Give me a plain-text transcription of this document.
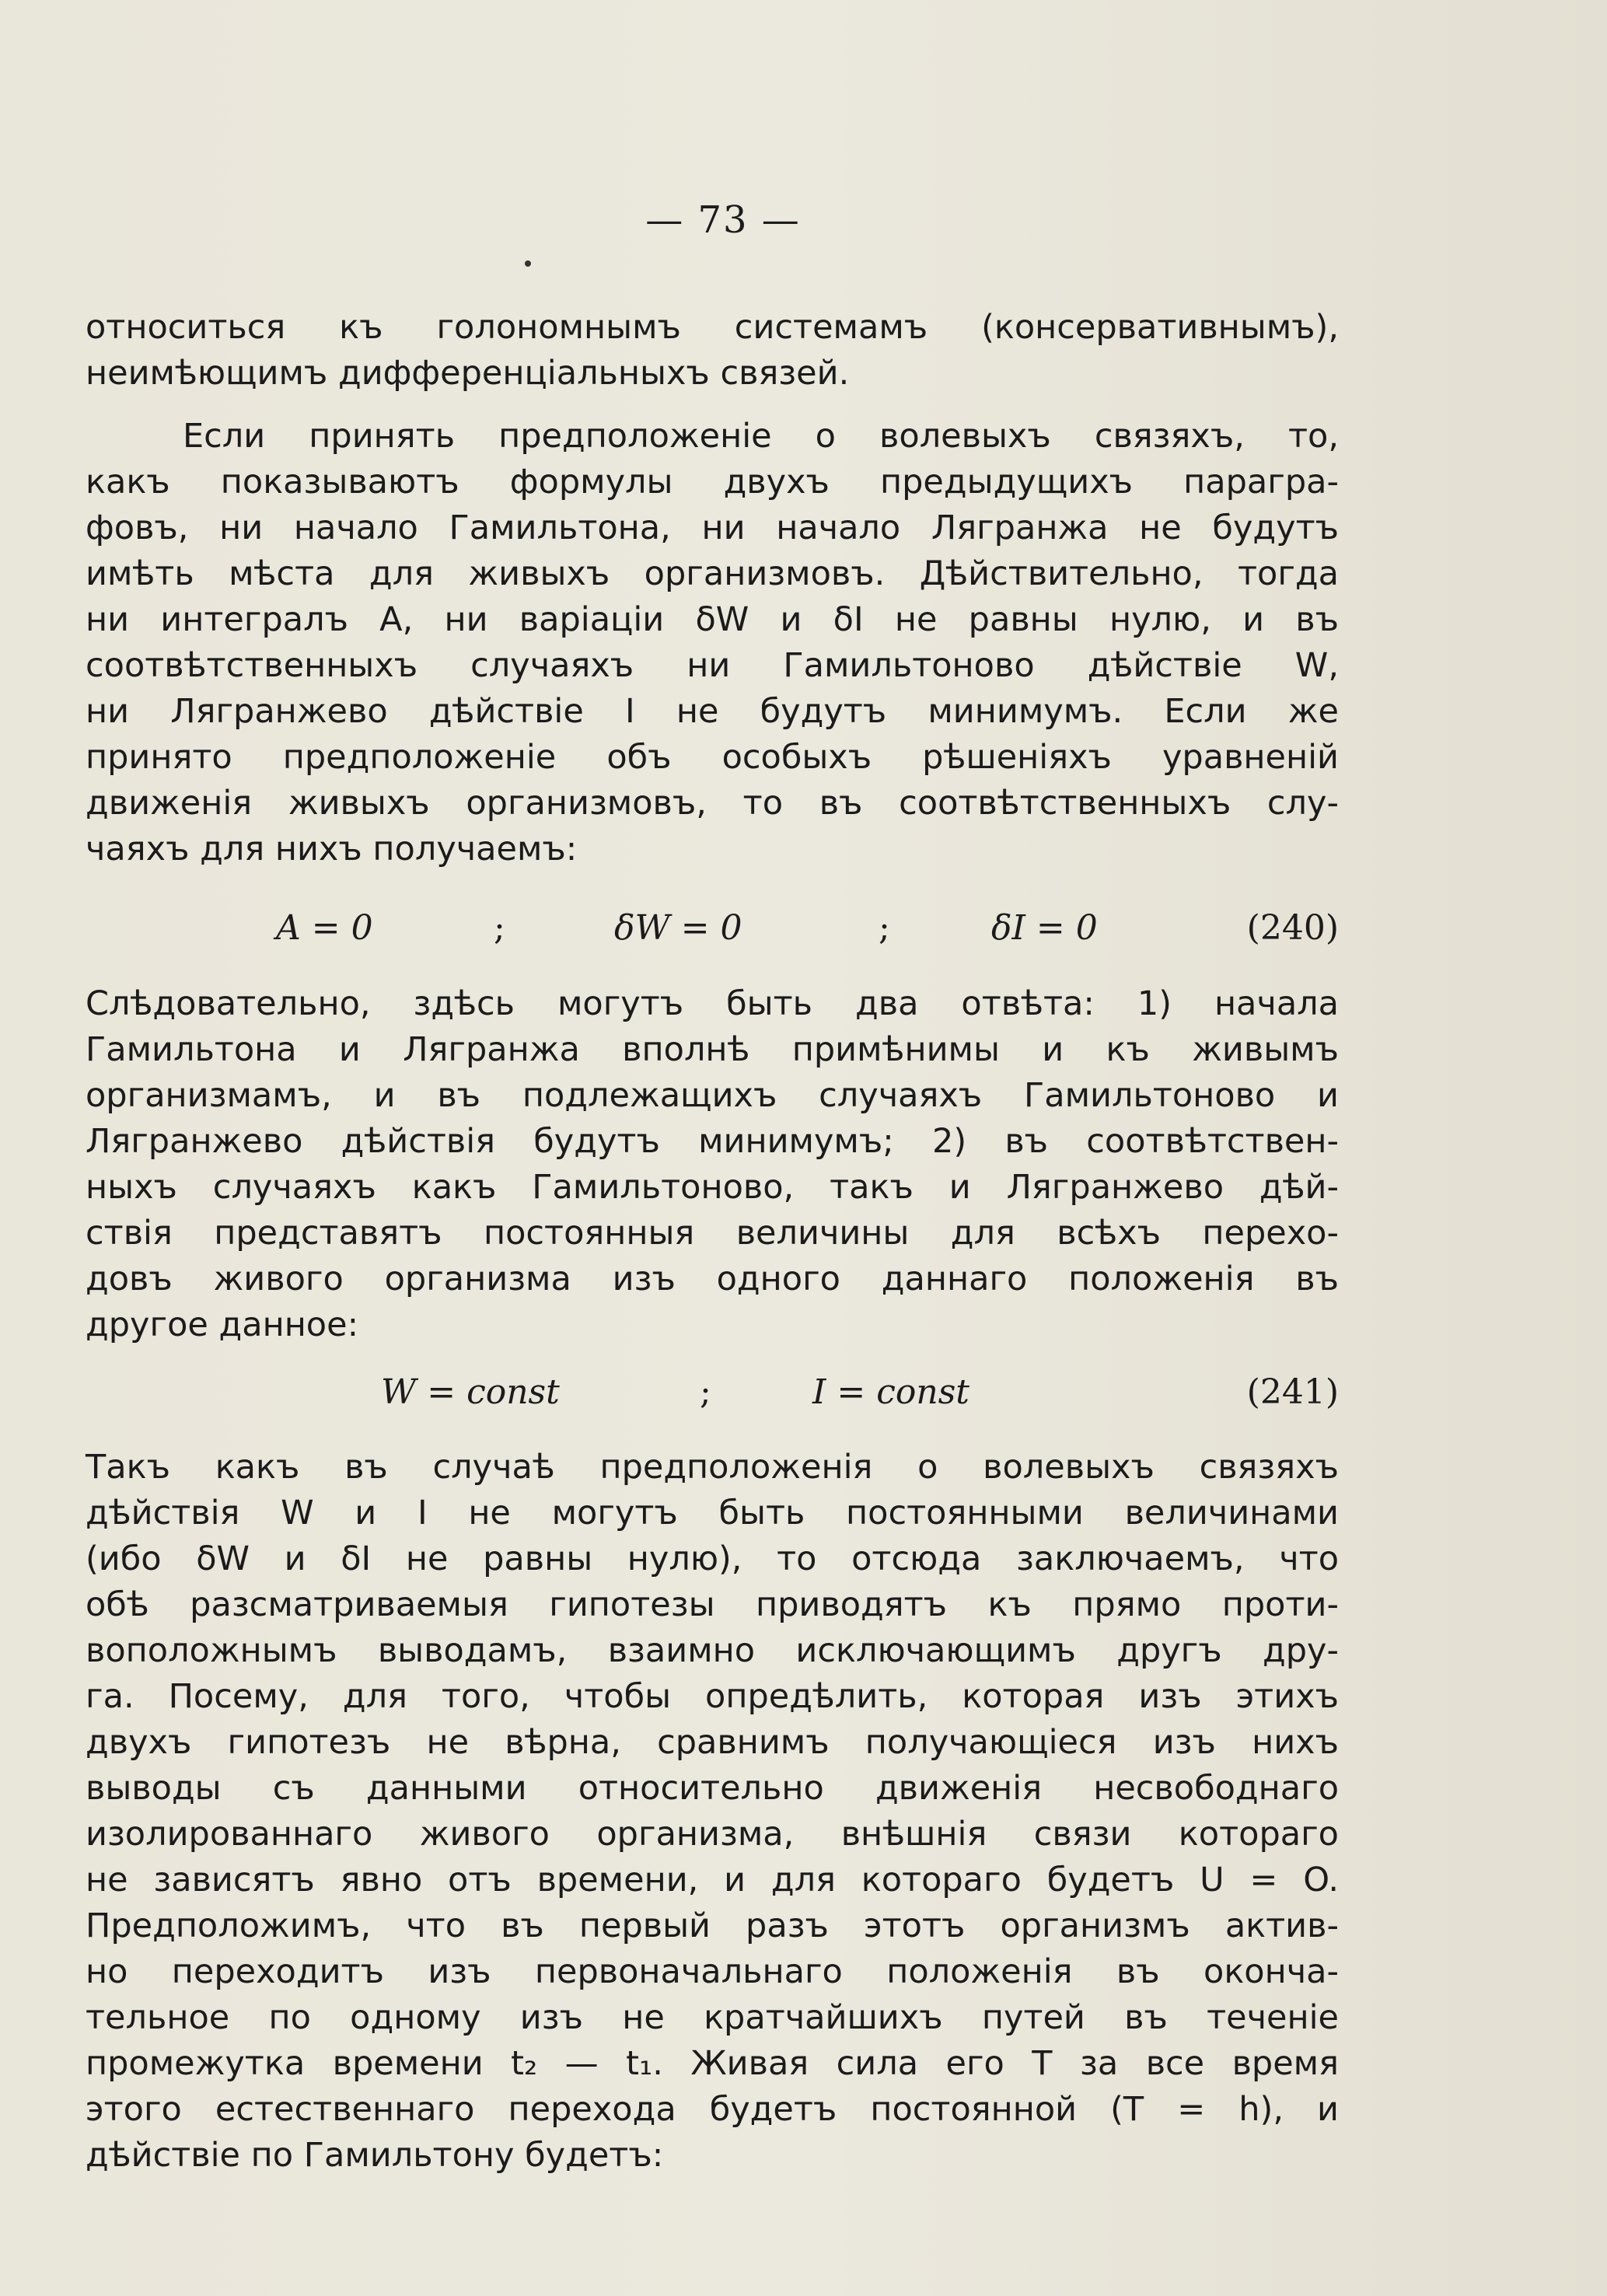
— 73 —
относиться къ голономнымъ системамъ (консервативнымъ),
неимѣющимъ дифференціальныхъ связей.
Если принять предположеніе о волевыхъ связяхъ, то,
какъ показываютъ формулы двухъ предыдущихъ парагра-
фовъ, ни начало Гамильтона, ни начало Лягранжа не будутъ
имѣть мѣста для живыхъ организмовъ. Дѣйствительно, тогда
ни интегралъ A, ни варіаціи δW и δI не равны нулю, и въ
соотвѣтственныхъ случаяхъ ни Гамильтоново дѣйствіе W,
ни Лягранжево дѣйствіе I не будутъ минимумъ. Если же
принято предположеніе объ особыхъ рѣшеніяхъ уравненій
движенія живыхъ организмовъ, то въ соотвѣтственныхъ слу-
чаяхъ для нихъ получаемъ:
A = 0	;	δW = 0	;	δI = 0	(240)
Слѣдовательно, здѣсь могутъ быть два отвѣта: 1) начала
Гамильтона и Лягранжа вполнѣ примѣнимы и къ живымъ
организмамъ, и въ подлежащихъ случаяхъ Гамильтоново и
Лягранжево дѣйствія будутъ минимумъ; 2) въ соотвѣтствен-
ныхъ случаяхъ какъ Гамильтоново, такъ и Лягранжево дѣй-
ствія представятъ постоянныя величины для всѣхъ перехо-
довъ живого организма изъ одного даннаго положенія въ
другое данное:
W = const	;	I = const	(241)
Такъ какъ въ случаѣ предположенія о волевыхъ связяхъ
дѣйствія W и I не могутъ быть постоянными величинами
(ибо δW и δI не равны нулю), то отсюда заключаемъ, что
обѣ разсматриваемыя гипотезы приводятъ къ прямо проти-
воположнымъ выводамъ, взаимно исключающимъ другъ дру-
га. Посему, для того, чтобы опредѣлить, которая изъ этихъ
двухъ гипотезъ не вѣрна, сравнимъ получающіеся изъ нихъ
выводы съ данными относительно движенія несвободнаго
изолированнаго живого организма, внѣшнія связи котораго
не зависятъ явно отъ времени, и для котораго будетъ U = O.
Предположимъ, что въ первый разъ этотъ организмъ актив-
но переходитъ изъ первоначальнаго положенія въ оконча-
тельное по одному изъ не кратчайшихъ путей въ теченіе
промежутка времени t₂ — t₁. Живая сила его T за все время
этого естественнаго перехода будетъ постоянной (T = h), и
дѣйствіе по Гамильтону будетъ:
